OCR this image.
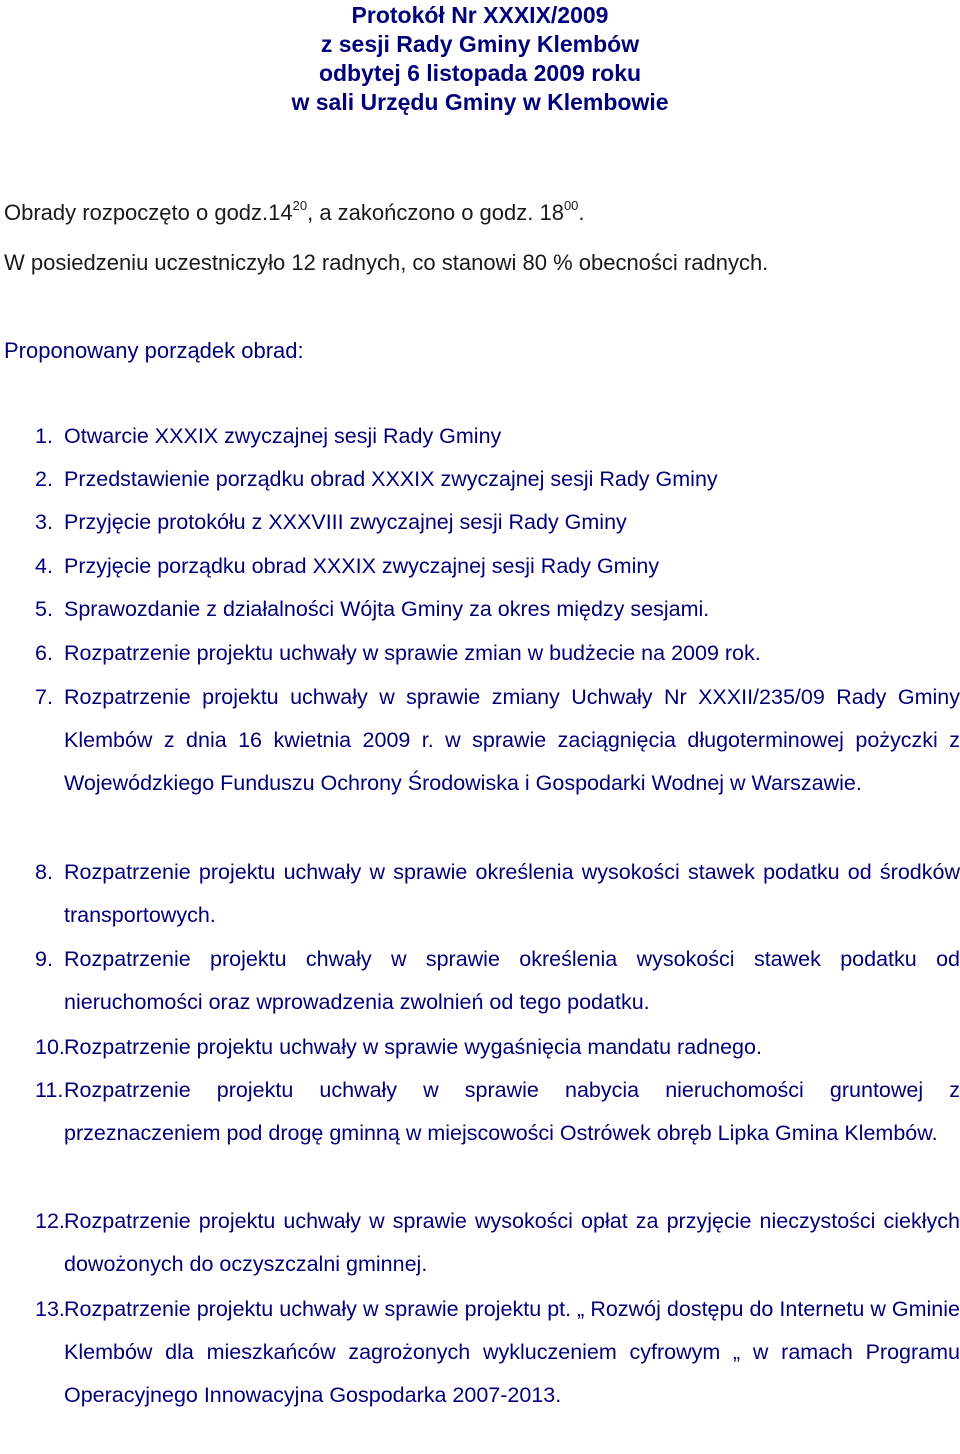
Protokół Nr XXXIX/2009
z sesji Rady Gminy Klembów
odbytej 6 listopada 2009 roku
w sali Urzędu Gminy w Klembowie
Obrady rozpoczęto o $godz.14^{20}$, a zakończono o godz. $18^{00}$.
W posiedzeniu uczestniczyło 12 radnych, co stanowi 80 % obecności radnych.
Proponowany porządek obrad:
1. Otwarcie XXXIX zwyczajnej sesji Rady Gminy
2. Przedstawienie porządku obrad XXXIX zwyczajnej sesji Rady Gminy
3. Przyjęcie protokółu z XXXVIII zwyczajnej sesji Rady Gminy
4. Przyjęcie porządku obrad XXXIX zwyczajnej sesji Rady Gminy
5. Sprawozdanie z działalności Wójta Gminy za okres między sesjami.
6. Rozpatrzenie projektu uchwały w sprawie zmian w budżecie na 2009 rok.
7. Rozpatrzenie projektu uchwały w sprawie zmiany Uchwały Nr XXXII/235/09 Rady Gminy Klembów z dnia 16 kwietnia 2009 r. w sprawie zaciągnięcia długoterminowej pożyczki z Wojewódzkiego Funduszu Ochrony Środowiska i Gospodarki Wodnej w Warszawie.
8. Rozpatrzenie projektu uchwały w sprawie określenia wysokości stawek podatku od środków transportowych.
9. Rozpatrzenie projektu chwały w sprawie określenia wysokości stawek podatku od nieruchomości oraz wprowadzenia zwolnień od tego podatku.
10. Rozpatrzenie projektu uchwały w sprawie wygaśnięcia mandatu radnego.
11. Rozpatrzenie projektu uchwały w sprawie nabycia nieruchomości gruntowej z przeznaczeniem pod drogę gminną w miejscowości Ostrówek obręb Lipka Gmina Klembów.
12. Rozpatrzenie projektu uchwały w sprawie wysokości opłat za przyjęcie nieczystości ciekłych dowożonych do oczyszczalni gminnej.
13. Rozpatrzenie projektu uchwały w sprawie projektu pt. „ Rozwój dostępu do Internetu w Gminie Klembów dla mieszkańców zagrożonych wykluczeniem cyfrowym „ w ramach Programu Operacyjnego Innowacyjna Gospodarka 2007-2013.
